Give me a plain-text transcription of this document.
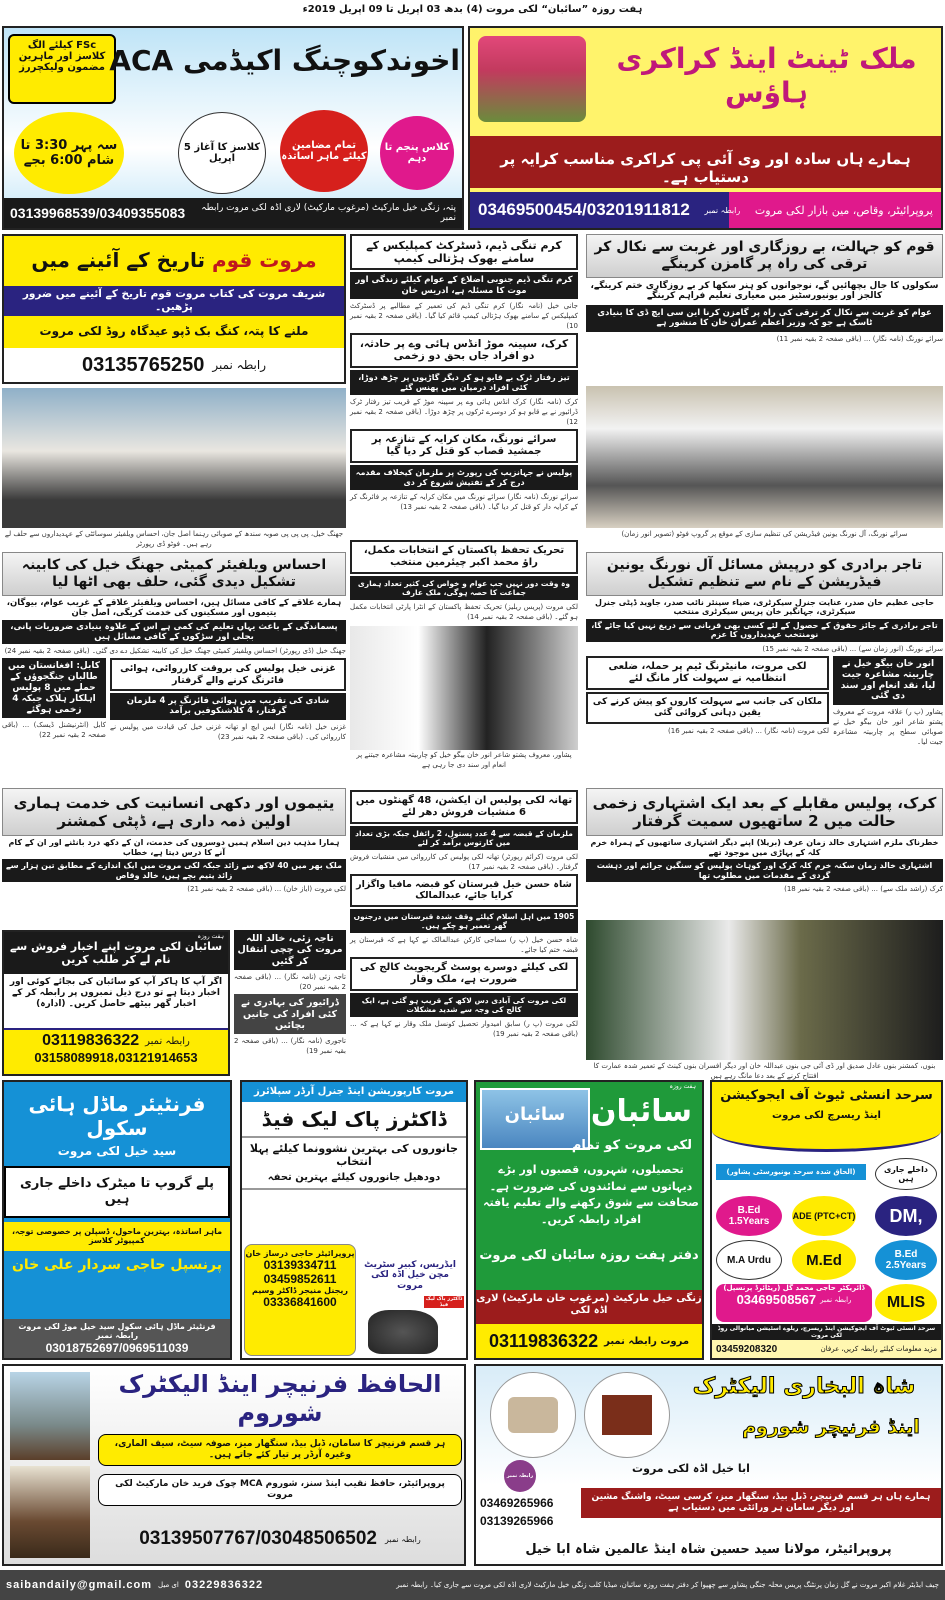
ہفت روزہ ”سائبان“ لکی مروت (4) بدھ 03 اپریل تا 09 اپریل 2019ء
FSc کیلئے الگ کلاسز اور ماہرین مضمون ولیکچررز اخوندکوچنگ اکیڈمی ACA
کلاس پنجم تا دہم
تمام مضامین کیلئے ماہر اساتذہ
کلاسز کا آغاز 5 اپریل
سہ پہر 3:30 تا شام 6:00 بجے
پتہ، زنگی خیل مارکیٹ (مرغوب مارکیٹ) لاری اڈہ لکی مروت رابطہ نمبر
03139968539/03409355083
ملک ٹینٹ اینڈ کراکری ہاؤس
ہمارے ہاں سادہ اور وی آئی پی کراکری مناسب کرایہ پر دستیاب ہے۔
پروپرائیٹر، وقاص، مین بازار لکی مروت
رابطہ نمبر
03469500454/03201911812
مروت قوم تاریخ کے آئینے میں
شریف مروت کی کتاب مروت قوم تاریخ کے آئینے میں ضرور پڑھیں۔
ملنے کا پتہ، کنگ بک ڈپو عیدگاہ روڈ لکی مروت
رابطہ نمبر
03135765250
کرم تنگی ڈیم، ڈسٹرکٹ کمپلیکس کے سامنے بھوک ہڑتالی کیمپ
کرم تنگی ڈیم جنوبی اضلاع کے عوام کیلئے زندگی اور موت کا مسئلہ ہے، ادریس خان
جانی خیل (نامہ نگار) کرم تنگی ڈیم کی تعمیر کے مطالبے پر ڈسٹرکٹ کمپلیکس کے سامنے بھوک ہڑتالی کیمپ قائم کیا گیا۔ (باقی صفحہ 2 بقیہ نمبر 10)
کرک، سپینہ موڑ انڈس ہائی وے پر حادثہ، دو افراد جاں بحق دو زخمی
تیز رفتار ٹرک بے قابو ہو کر دیگر گاڑیوں پر چڑھ دوڑا، کئی افراد درمیان میں پھنس گئے
کرک (نامہ نگار) کرک انڈس ہائی وے پر سپینہ موڑ کے قریب تیز رفتار ٹرک ڈرائیور نے بے قابو ہو کر دوسرے ٹرکوں پر چڑھ دوڑا۔ (باقی صفحہ 2 بقیہ نمبر 12)
سرائے نورنگ، مکان کرایہ کے تنازعہ پر جمشید قصاب کو قتل کر دیا گیا
پولیس نے جہانزیب کی رپورٹ پر ملزمان کیخلاف مقدمہ درج کر کے تفتیش شروع کر دی
سرائے نورنگ (نامہ نگار) سرائے نورنگ میں مکان کرایہ کے تنازعہ پر فائرنگ کر کے کرایہ دار کو قتل کر دیا گیا۔ (باقی صفحہ 2 بقیہ نمبر 13)
قوم کو جہالت، بے روزگاری اور غربت سے نکال کر ترقی کی راہ پر گامزن کرینگے
سکولوں کا جال بچھائیں گے، نوجوانوں کو ہنر سکھا کر بے روزگاری ختم کرینگے، کالجز اور یونیورسٹیز میں معیاری تعلیم فراہم کرینگے
عوام کو غربت سے نکال کر ترقی کی راہ پر گامزن کرنا این سی ایچ ڈی کا بنیادی ٹاسک ہے جو کہ وزیر اعظم عمران خان کا منشور ہے
سرائے نورنگ (نامہ نگار) ... (باقی صفحہ 2 بقیہ نمبر 11)
جھنگ خیل، پی پی پی صوبہ سندھ کے صوبائی رہنما اصل جان، احساس ویلفیئر سوسائٹی کے عہدیداروں سے حلف لے رہے ہیں۔ فوٹو ڈی رپورٹر
سرائے نورنگ، آل نورنگ یونین فیڈریشن کی تنظیم سازی کے موقع پر گروپ فوٹو (تصویر انور زمان)
احساس ویلفیئر کمیٹی جھنگ خیل کی کابینہ تشکیل دیدی گئی، حلف بھی اٹھا لیا
ہمارے علاقے کے کافی مسائل ہیں، احساس ویلفیئر علاقے کے غریب عوام، بیوگان، یتیموں اور مسکینوں کی خدمت کریگی، اصل جان
پسماندگی کے باعث یہاں تعلیم کی کمی ہے اس کے علاوہ بنیادی ضروریات پانی، بجلی اور سڑکوں کے کافی مسائل ہیں
جھنگ خیل (ڈی رپورٹر) احساس ویلفیئر کمیٹی جھنگ خیل کی کابینہ تشکیل دے دی گئی۔ (باقی صفحہ 2 بقیہ نمبر 24)
کابل: افغانستان میں طالبان جنگجوؤں کے حملے میں 8 پولیس اہلکار ہلاک جبکہ 4 زخمی ہوگئے
کابل (انٹرنیشنل ڈیسک) ... (باقی صفحہ 2 بقیہ نمبر 22)
غزنی خیل پولیس کی بروقت کارروائی، ہوائی فائرنگ کرنے والے گرفتار
شادی کی تقریب میں ہوائی فائرنگ پر 4 ملزمان گرفتار، 4 کلاشنکوفیں برآمد
غزنی خیل (نامہ نگار) ایس ایچ او تھانہ غزنی خیل کی قیادت میں پولیس نے کارروائی کی۔ (باقی صفحہ 2 بقیہ نمبر 23)
تحریک تحفظ پاکستان کے انتخابات مکمل، راؤ محمد اکبر چیئرمین منتخب
وہ وقت دور نہیں جب عوام و خواص کی کثیر تعداد ہماری جماعت کا حصہ ہوگی، ملک عارف
لکی مروت (پریس ریلیز) تحریک تحفظ پاکستان کے انٹرا پارٹی انتخابات مکمل ہو گئے۔ (باقی صفحہ 2 بقیہ نمبر 14)
پشاور، معروف پشتو شاعر انور خان بیگو خیل کو چاربیتہ مشاعرہ جیتنے پر انعام اور سند دی جا رہی ہے
تاجر برادری کو درپیش مسائل آل نورنگ یونین فیڈریشن کے نام سے تنظیم تشکیل
حاجی عظیم خان صدر، عنایت جنرل سیکرٹری، ضیاء سینئر نائب صدر، جاوید ڈپٹی جنرل سیکرٹری، جہانگیر خان پریس سیکرٹری منتخب
تاجر برادری کے جائز حقوق کے حصول کے لئے کسی بھی قربانی سے دریغ نہیں کیا جائے گا، نومنتخب عہدیداروں کا عزم
سرائے نورنگ (انور زمان سے) ... (باقی صفحہ 2 بقیہ نمبر 15)
لکی مروت، مانیٹرنگ ٹیم پر حملہ، ضلعی انتظامیہ نے سہولت کار مانگ لئے
ملکان کی جانب سے سہولت کاروں کو پیش کرنے کی یقین دہانی کروائی گئی
لکی مروت (نامہ نگار) ... (باقی صفحہ 2 بقیہ نمبر 16)
انور خان بیگو خیل نے چاربیتہ مشاعرہ جیت لیا، نقد انعام اور سند دی گئی
پشاور (پ ر) علاقہ مروت کے معروف پشتو شاعر انور خان بیگو خیل نے صوبائی سطح پر چاربیتہ مشاعرہ جیت لیا۔
یتیموں اور دکھی انسانیت کی خدمت ہماری اولین ذمہ داری ہے، ڈپٹی کمشنر
ہمارا مذہب دین اسلام ہمیں دوسروں کی خدمت، ان کے دکھ درد بانٹنے اور ان کے کام آنے کا درس دیتا ہے، خطاب
ملک بھر میں 40 لاکھ سے زائد جبکہ لکی مروت میں ایک اندازے کے مطابق تین ہزار سے زائد یتیم بچے ہیں، خالد وقاص
لکی مروت (ایاز خان) ... (باقی صفحہ 2 بقیہ نمبر 21)
تھانہ لکی پولیس ان ایکشن، 48 گھنٹوں میں 6 منشیات فروش دھر لئے
ملزمان کے قبضہ سے 4 عدد پستول، 2 رائفل جبکہ بڑی تعداد میں کارتوس برآمد کر لئے
لکی مروت (کرائم رپورٹر) تھانہ لکی پولیس کی کارروائی میں منشیات فروش گرفتار۔ (باقی صفحہ 2 بقیہ نمبر 17)
شاہ حسن خیل قبرستان کو قبضہ مافیا واگزار کرایا جائے، عبدالمالک
1905 میں اہل اسلام کیلئے وقف شدہ قبرستان میں درجنوں گھر تعمیر ہو چکے ہیں۔
شاہ حسن خیل (پ ر) سماجی کارکن عبدالمالک نے کہا ہے کہ قبرستان پر قبضہ ختم کیا جائے۔
لکی کیلئے دوسرے پوسٹ گریجویٹ کالج کی ضرورت ہے، ملک وقار
لکی مروت کی آبادی دس لاکھ کے قریب ہو گئی ہے، ایک کالج کی وجہ سے شدید مشکلات
لکی مروت (پ ر) سابق امیدوار تحصیل کونسل ملک وقار نے کہا ہے کہ ... (باقی صفحہ 2 بقیہ نمبر 19)
کرک، پولیس مقابلے کے بعد ایک اشتہاری زخمی حالت میں 2 ساتھیوں سمیت گرفتار
خطرناک ملزم اشتہاری خالد زمان عرف (بریلا) اپنے دیگر اشتہاری ساتھیوں کے ہمراہ خرم کلہ کے پہاڑی میں موجود تھے
اشتہاری خالد زمان سکنہ خرم کلہ کرک اور کوہاٹ پولیس کو سنگین جرائم اور دہشت گردی کے مقدمات میں مطلوب تھا
کرک (راشد ملک سے) ... (باقی صفحہ 2 بقیہ نمبر 18)
بنوں، کمشنر بنوں عادل صدیق اور ڈی آئی جی بنوں عبداللہ خان اور دیگر افسران بنوں کینٹ کے تعمیر شدہ عمارت کا افتتاح کرنے کے بعد دعا مانگ رہے ہیں
ہفت روزہ
سائبان لکی مروت اپنے اخبار فروش سے نام لے کر طلب کریں
اگر آپ کا ہاکر آپ کو سائبان کی بجائے کوئی اور اخبار دیتا ہے تو درج ذیل نمبروں پر رابطہ کر کے اخبار گھر بیٹھے حاصل کریں۔ (ادارہ)
رابطہ نمبر
03119836322
03158089918،03121914653
تاجہ زئی، خالد اللہ مروت کی چچی انتقال کر گئیں
تاجہ زئی (نامہ نگار) ... (باقی صفحہ 2 بقیہ نمبر 20)
ڈرائیور کی بہادری نے کئی افراد کی جانیں بچائیں
تاجوری (نامہ نگار) ... (باقی صفحہ 2 بقیہ نمبر 19)
فرنٹیئر ماڈل ہائی سکول
سید خیل لکی مروت
پلے گروپ تا میٹرک داخلے جاری ہیں
ماہر اساتذہ، بہترین ماحول، ڈسپلن پر خصوصی توجہ، کمپیوٹر کلاسز
پرنسپل حاجی سردار علی خان
فرنٹیئر ماڈل ہائی سکول سید خیل موڑ لکی مروت رابطہ نمبر
03018752697/0969511039
مروت کارپوریشن اینڈ جنرل آرڈر سپلائرز
ڈاکٹرز پاک لیک فیڈ
جانوروں کی بہترین نشوونما کیلئے پہلا انتخاب
دودھیل جانوروں کیلئے بہترین تحفہ
پروپرائیٹر حاجی درساز خان
03139334711
03459852611
ریجنل منیجر ڈاکٹر وسیم
03336841600
ایڈریس، کبیر سٹریٹ مچن خیل اڈہ لکی مروت
ڈاکٹرز پاک لیک فیڈ
سائبان
ہفت روزہ
سائبان
لکی مروت کو تمام
تحصیلوں، شہروں، قصبوں اور بڑے دیہاتوں سے نمائندوں کی ضرورت ہے۔ صحافت سے شوق رکھنے والے تعلیم یافتہ افراد رابطہ کریں۔
دفتر ہفت روزہ سائبان لکی مروت
زنگی خیل مارکیٹ (مرغوب خان مارکیٹ) لاری اڈہ لکی
مروت رابطہ نمبر
03119836322
سرحد انسٹی ٹیوٹ آف ایجوکیشن
اینڈ ریسرچ لکی مروت
داخلے جاری ہیں
(الحاق شدہ سرحد یونیورسٹی پشاور)
DM,
ADE (PTC+CT)
B.Ed 1.5Years
B.Ed 2.5Years
M.Ed
M.A Urdu
MLIS
ڈائریکٹر حاجی محمد گل (ریٹائرڈ پرنسپل)
رابطہ نمبر
03469508567
سرحد انسٹی ٹیوٹ آف ایجوکیشن اینڈ ریسرچ، ریلوے اسٹیشن میانوالی روڈ لکی مروت
مزید معلومات کیلئے رابطہ کریں، عرفان
03459208320
الحافظ فرنیچر اینڈ الیکٹرک شوروم
ہر قسم فرنیچر کا سامان، ڈبل بیڈ، سنگھار میز، صوفہ سیٹ، سیف الماری، وغیرہ آرڈر پر تیار کئے جاتے ہیں۔
پروپرائیٹر، حافظ نقیب اینڈ سنز، شوروم MCA چوک فرید خان مارکیٹ لکی مروت
رابطہ نمبر
03139507767/03048506502
شاہ البخاری الیکٹرک
اینڈ فرنیچر شوروم
ابا خیل اڈہ لکی مروت
رابطہ نمبر
03469265966
03139265966
ہمارے ہاں ہر قسم فرنیچر، ڈبل بیڈ، سنگھار میز، کرسی سیٹ، واشنگ مشین اور دیگر سامان ہر ورائٹی میں دستیاب ہے
پروپرائیٹر، مولانا سید حسین شاہ اینڈ عالمین شاہ ابا خیل
saibandaily@gmail.com ای میل 03229836322	چیف ایڈیٹر غلام اکبر مروت نے گل زمان پرنٹنگ پریس محلہ جنگی پشاور سے چھپوا کر دفتر ہفت روزہ سائبان، میڈیا کلب زنگی خیل مارکیٹ لاری اڈہ لکی مروت سے جاری کیا۔ رابطہ نمبر
